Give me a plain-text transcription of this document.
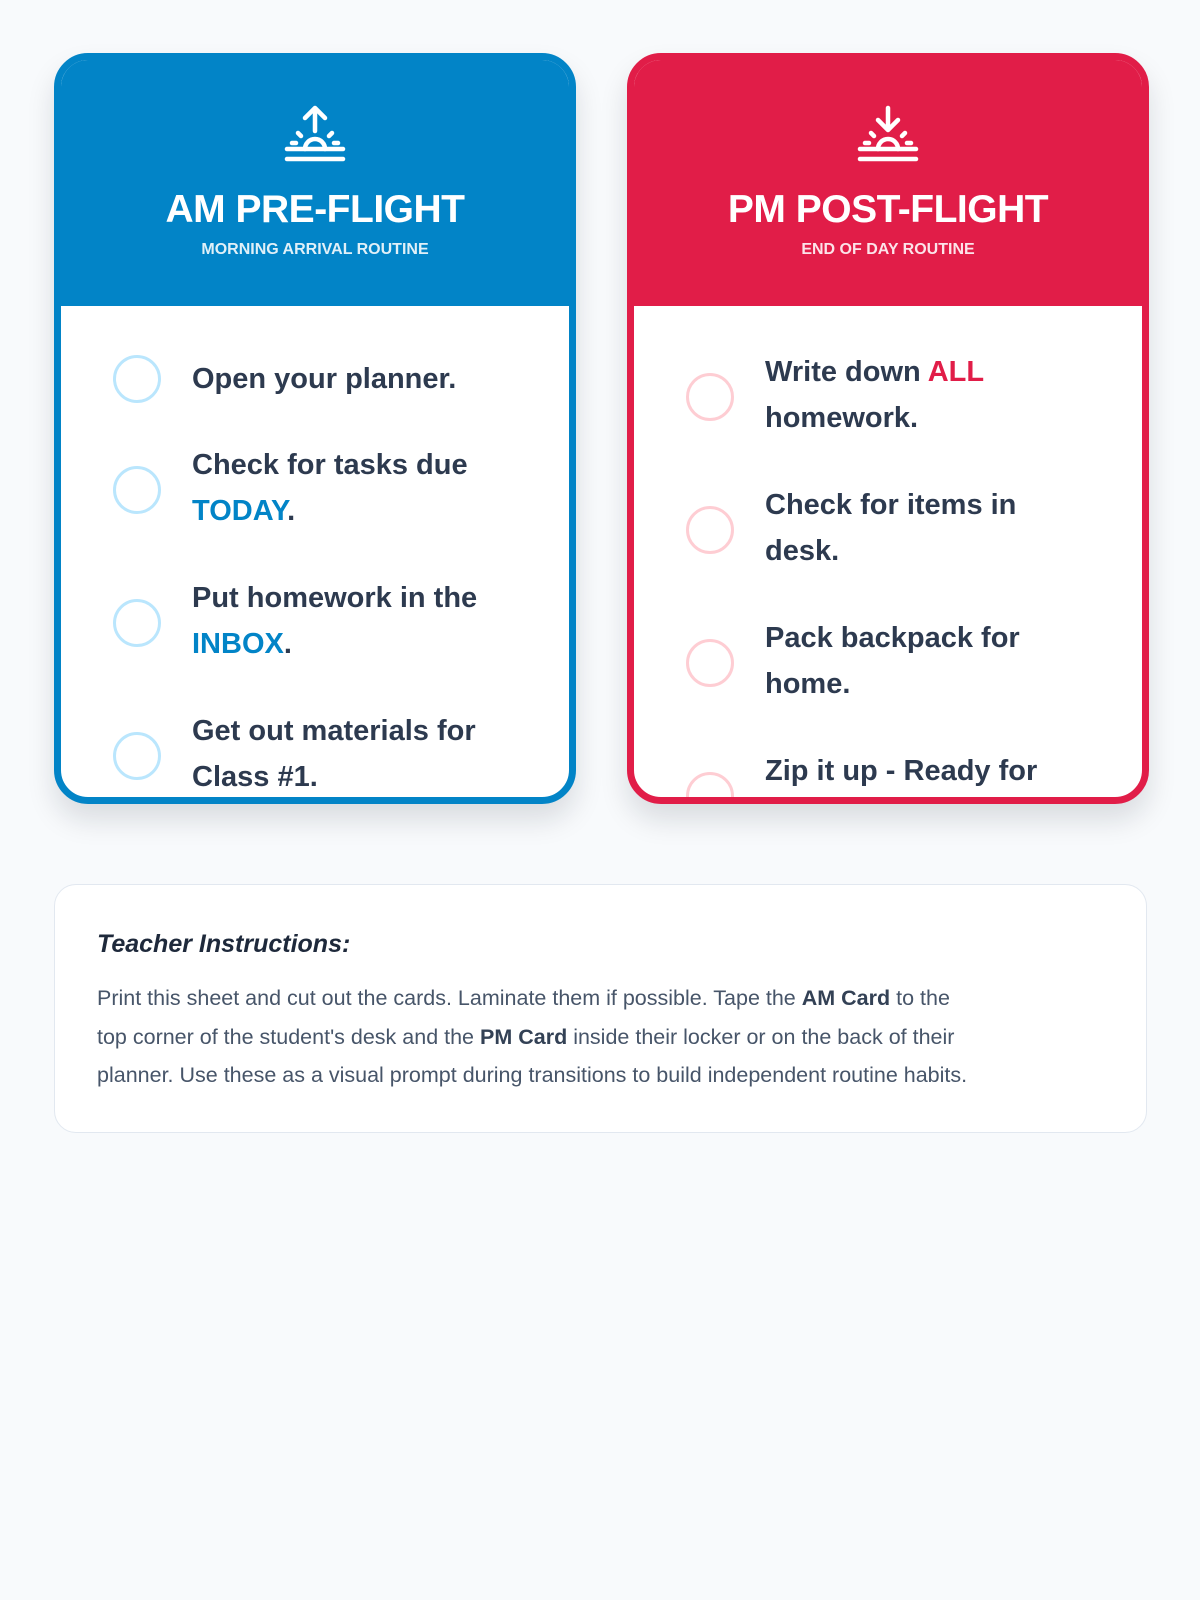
AM PRE-FLIGHT
MORNING ARRIVAL ROUTINE
Open your planner.
Check for tasks due
TODAY.
Put homework in the
INBOX.
Get out materials for
Class #1.
PM POST-FLIGHT
END OF DAY ROUTINE
Write down ALL
homework.
Check for items in
desk.
Pack backpack for
home.
Zip it up - Ready for
Teacher Instructions:
Print this sheet and cut out the cards. Laminate them if possible. Tape the AM Card to the
top corner of the student's desk and the PM Card inside their locker or on the back of their
planner. Use these as a visual prompt during transitions to build independent routine habits.
